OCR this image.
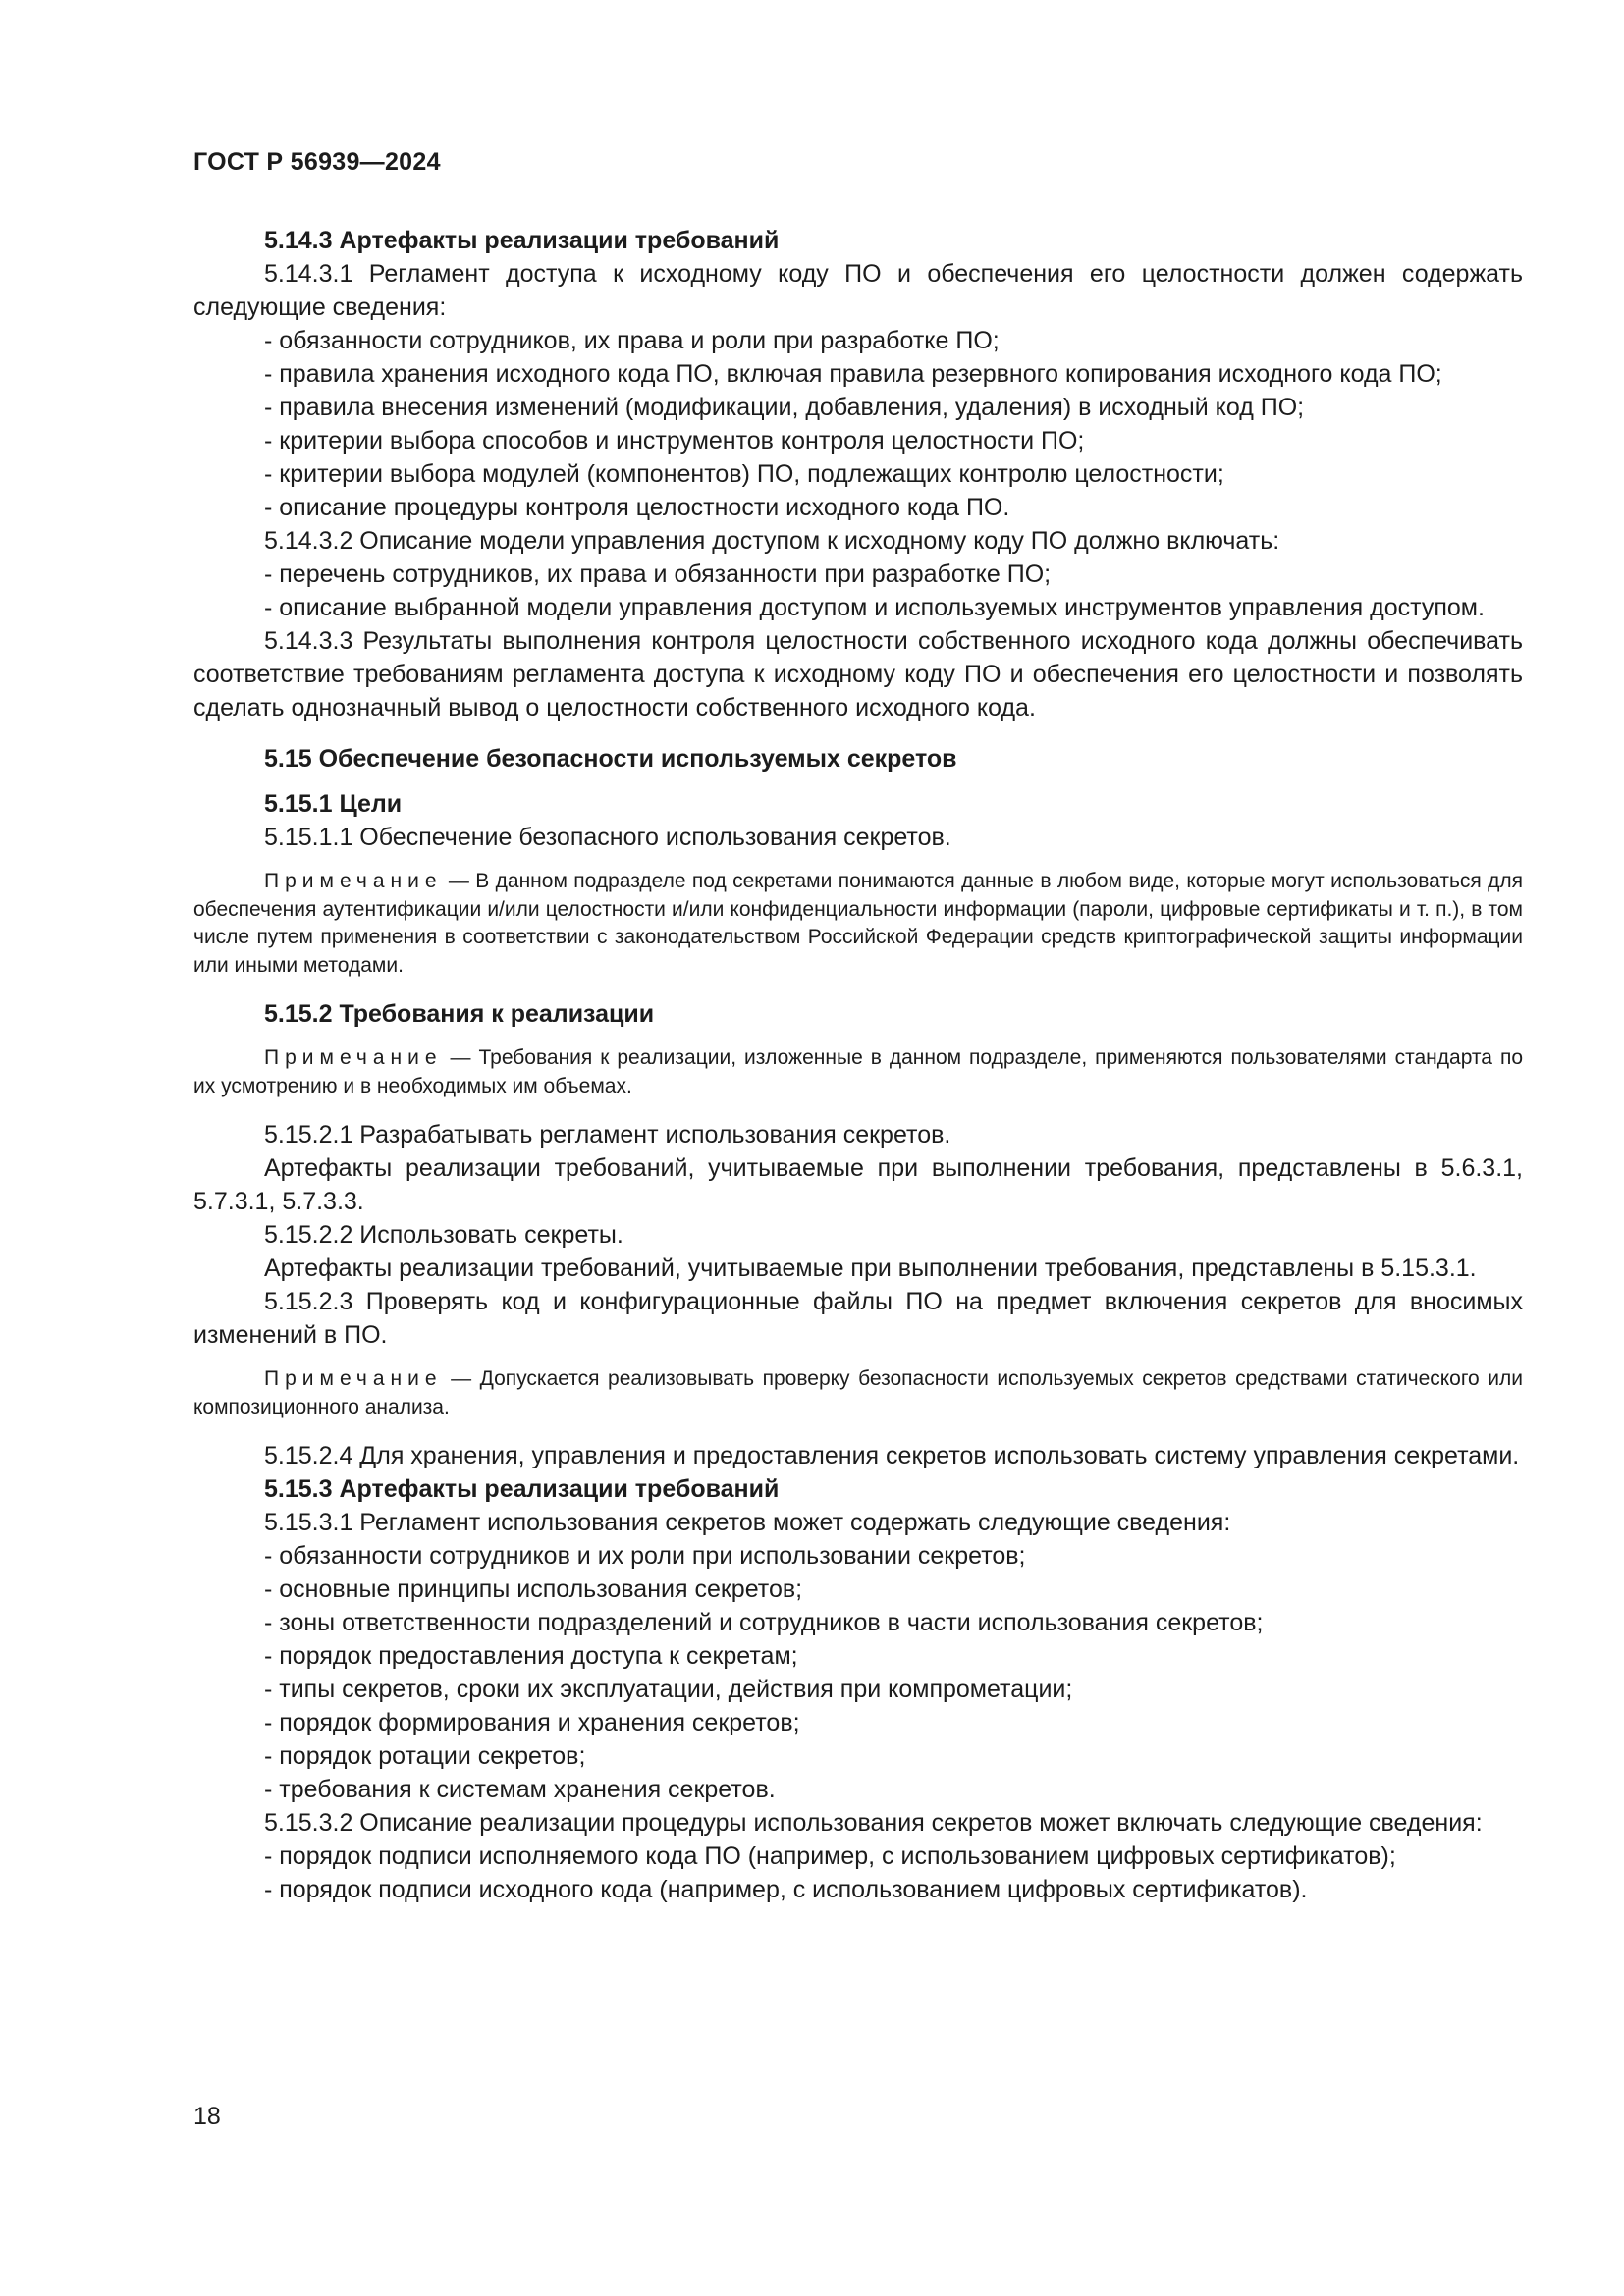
ГОСТ Р 56939—2024

5.14.3 Артефакты реализации требований

5.14.3.1 Регламент доступа к исходному коду ПО и обеспечения его целостности должен содержать следующие сведения:

- обязанности сотрудников, их права и роли при разработке ПО;

- правила хранения исходного кода ПО, включая правила резервного копирования исходного кода ПО;

- правила внесения изменений (модификации, добавления, удаления) в исходный код ПО;

- критерии выбора способов и инструментов контроля целостности ПО;

- критерии выбора модулей (компонентов) ПО, подлежащих контролю целостности;

- описание процедуры контроля целостности исходного кода ПО.

5.14.3.2 Описание модели управления доступом к исходному коду ПО должно включать:

- перечень сотрудников, их права и обязанности при разработке ПО;

- описание выбранной модели управления доступом и используемых инструментов управления доступом.

5.14.3.3 Результаты выполнения контроля целостности собственного исходного кода должны обеспечивать соответствие требованиям регламента доступа к исходному коду ПО и обеспечения его целостности и позволять сделать однозначный вывод о целостности собственного исходного кода.

5.15 Обеспечение безопасности используемых секретов

5.15.1 Цели

5.15.1.1 Обеспечение безопасного использования секретов.

Примечание — В данном подразделе под секретами понимаются данные в любом виде, которые могут использоваться для обеспечения аутентификации и/или целостности и/или конфиденциальности информации (пароли, цифровые сертификаты и т. п.), в том числе путем применения в соответствии с законодательством Российской Федерации средств криптографической защиты информации или иными методами.

5.15.2 Требования к реализации

Примечание — Требования к реализации, изложенные в данном подразделе, применяются пользователями стандарта по их усмотрению и в необходимых им объемах.

5.15.2.1 Разрабатывать регламент использования секретов.

Артефакты реализации требований, учитываемые при выполнении требования, представлены в 5.6.3.1, 5.7.3.1, 5.7.3.3.

5.15.2.2 Использовать секреты.

Артефакты реализации требований, учитываемые при выполнении требования, представлены в 5.15.3.1.

5.15.2.3 Проверять код и конфигурационные файлы ПО на предмет включения секретов для вносимых изменений в ПО.

Примечание — Допускается реализовывать проверку безопасности используемых секретов средствами статического или композиционного анализа.

5.15.2.4 Для хранения, управления и предоставления секретов использовать систему управления секретами.

5.15.3 Артефакты реализации требований

5.15.3.1 Регламент использования секретов может содержать следующие сведения:

- обязанности сотрудников и их роли при использовании секретов;

- основные принципы использования секретов;

- зоны ответственности подразделений и сотрудников в части использования секретов;

- порядок предоставления доступа к секретам;

- типы секретов, сроки их эксплуатации, действия при компрометации;

- порядок формирования и хранения секретов;

- порядок ротации секретов;

- требования к системам хранения секретов.

5.15.3.2 Описание реализации процедуры использования секретов может включать следующие сведения:

- порядок подписи исполняемого кода ПО (например, с использованием цифровых сертификатов);

- порядок подписи исходного кода (например, с использованием цифровых сертификатов).

18
